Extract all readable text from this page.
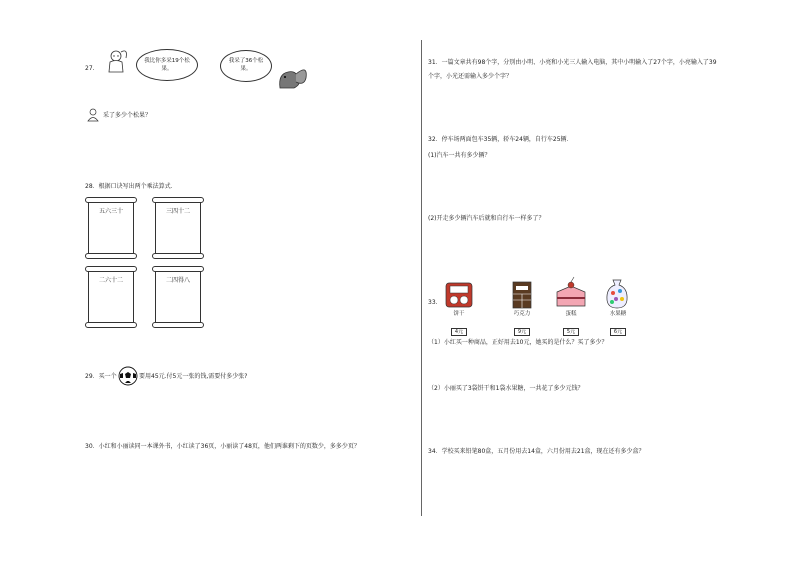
27.
我比你多采19个松果。
我采了36个松果。
采了多少个松果？
28．根据口诀写出两个乘法算式．
五六三十	三四十二
二六十二	二四得八
29．买一个	要用45元.付5元一张的钱,需要付多少张?
30．小红和小丽读同一本课外书，小红读了36页，小丽读了48页，他们两谁剩下的页数少，多多少页？
31．一篇文章共有98个字，分别由小明、小亮和小光三人输入电脑，其中小明输入了27个字，小亮输入了39
个字，小光还需输入多少个字？
32．停车场两面包车35辆，轿车24辆，自行车25辆．
(1)汽车一共有多少辆？
(2)开走多少辆汽车后就和自行车一样多了？
33.
饼干
4元
巧克力
9元
蛋糕
5元
水果糖
6元
（1）小红买一种商品，正好用去10元，她买的是什么？买了多少？
（2）小丽买了3袋饼干和1袋水果糖，一共花了多少元钱？
34．学校买来铅笔80盒，五月份用去14盒，六月份用去21盒，现在还有多少盒？
